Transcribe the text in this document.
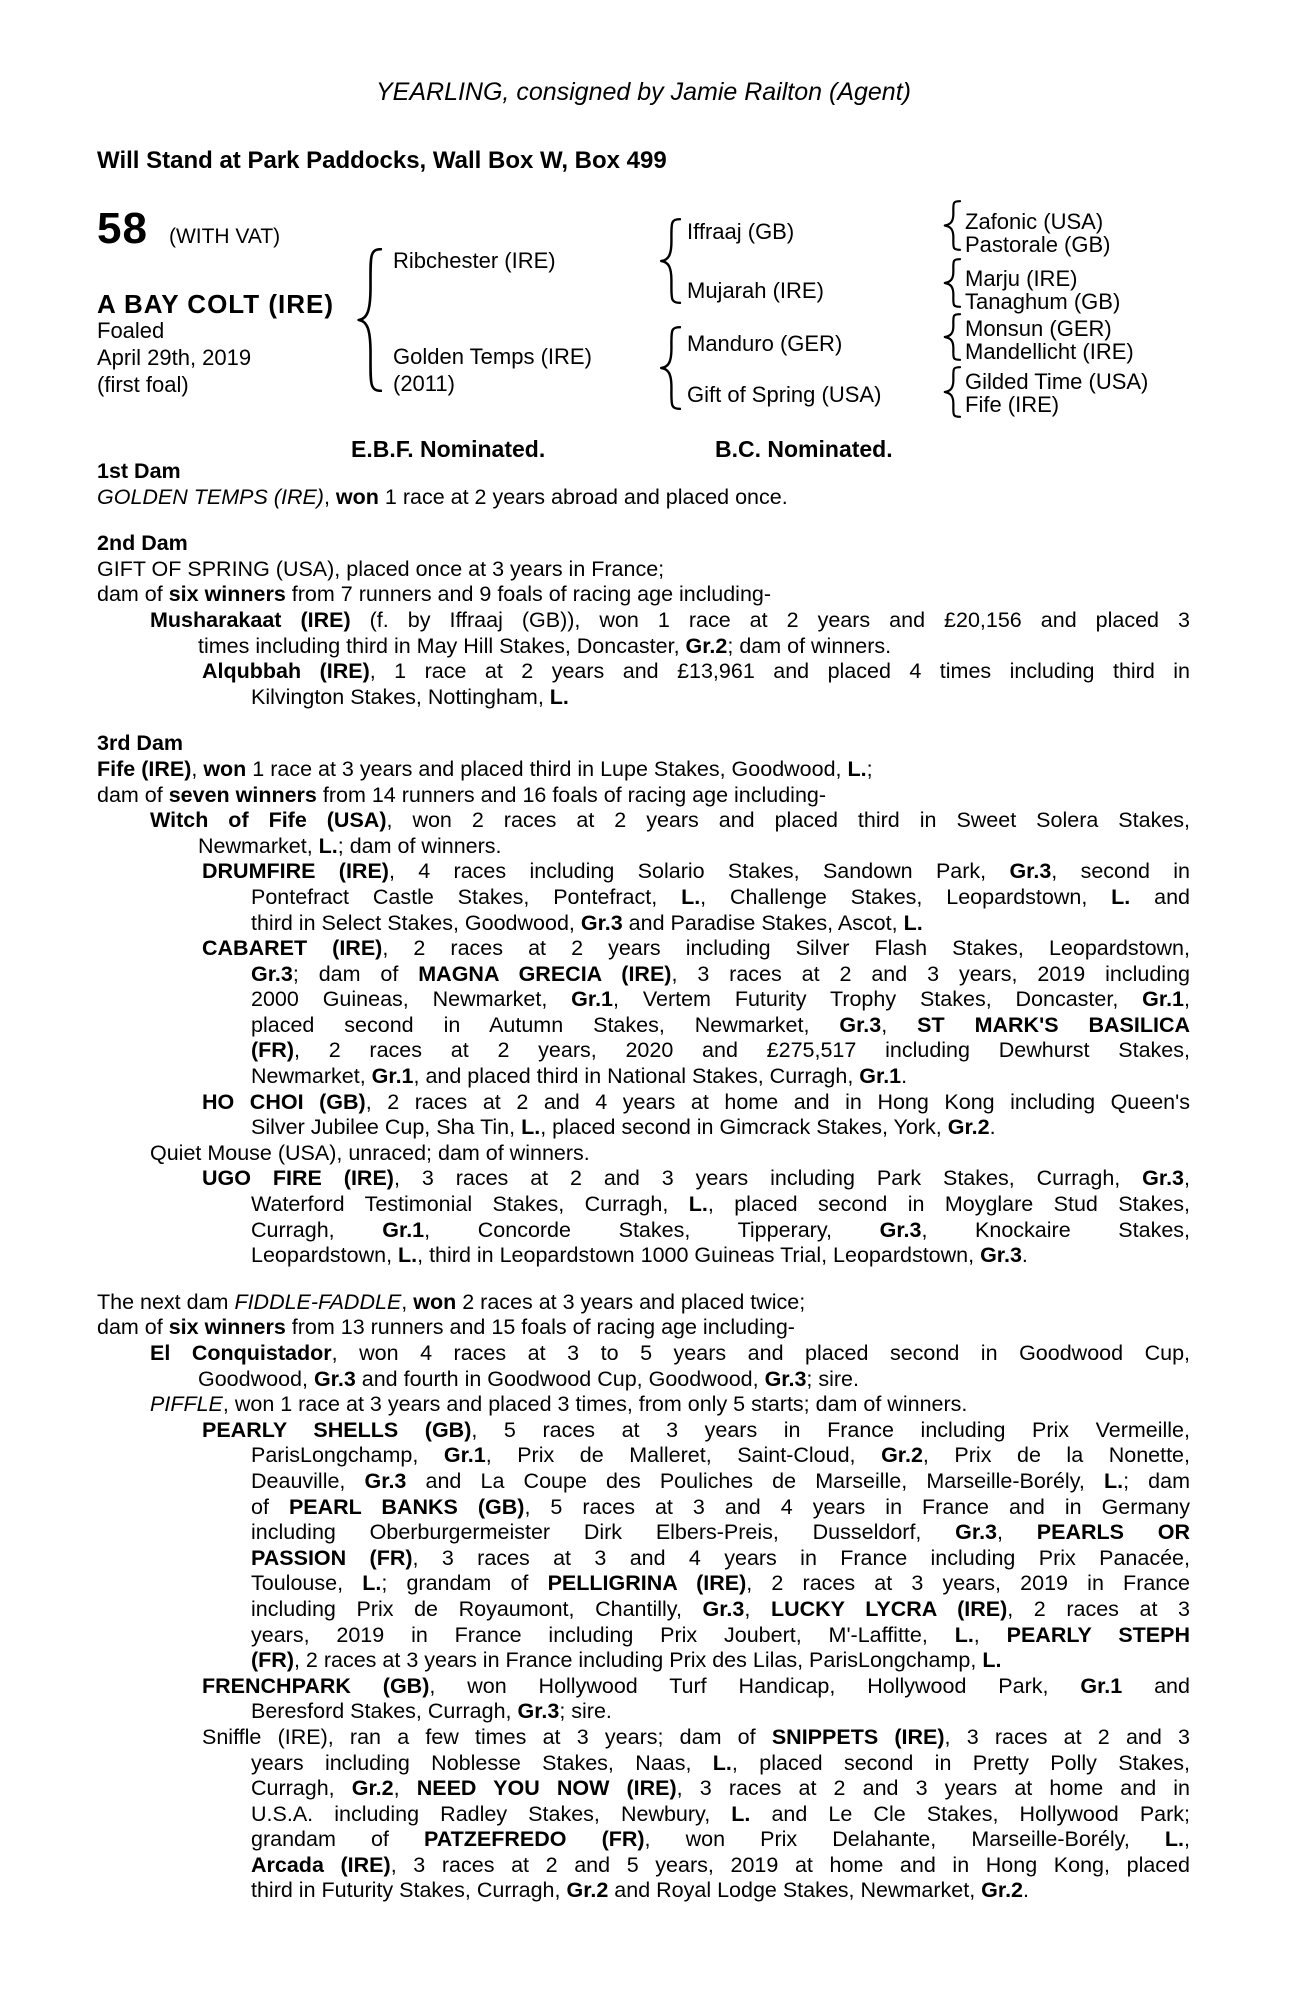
YEARLING, consigned by Jamie Railton (Agent)
Will Stand at Park Paddocks, Wall Box W, Box 499
58 (WITH VAT)
A BAY COLT (IRE)
Foaled
April 29th, 2019
(first foal)
Ribchester (IRE)
Golden Temps (IRE)
(2011)
Iffraaj (GB)
Mujarah (IRE)
Manduro (GER)
Gift of Spring (USA)
Zafonic (USA)
Pastorale (GB)
Marju (IRE)
Tanaghum (GB)
Monsun (GER)
Mandellicht (IRE)
Gilded Time (USA)
Fife (IRE)
E.B.F. Nominated.	B.C. Nominated.
1st Dam
GOLDEN TEMPS (IRE), won 1 race at 2 years abroad and placed once.
2nd Dam
GIFT OF SPRING (USA), placed once at 3 years in France;
dam of six winners from 7 runners and 9 foals of racing age including-
Musharakaat (IRE) (f. by Iffraaj (GB)), won 1 race at 2 years and £20,156 and placed 3
times including third in May Hill Stakes, Doncaster, Gr.2; dam of winners.
Alqubbah (IRE), 1 race at 2 years and £13,961 and placed 4 times including third in
Kilvington Stakes, Nottingham, L.
3rd Dam
Fife (IRE), won 1 race at 3 years and placed third in Lupe Stakes, Goodwood, L.;
dam of seven winners from 14 runners and 16 foals of racing age including-
Witch of Fife (USA), won 2 races at 2 years and placed third in Sweet Solera Stakes,
Newmarket, L.; dam of winners.
DRUMFIRE (IRE), 4 races including Solario Stakes, Sandown Park, Gr.3, second in
Pontefract Castle Stakes, Pontefract, L., Challenge Stakes, Leopardstown, L. and
third in Select Stakes, Goodwood, Gr.3 and Paradise Stakes, Ascot, L.
CABARET (IRE), 2 races at 2 years including Silver Flash Stakes, Leopardstown,
Gr.3; dam of MAGNA GRECIA (IRE), 3 races at 2 and 3 years, 2019 including
2000 Guineas, Newmarket, Gr.1, Vertem Futurity Trophy Stakes, Doncaster, Gr.1,
placed second in Autumn Stakes, Newmarket, Gr.3, ST MARK'S BASILICA
(FR), 2 races at 2 years, 2020 and £275,517 including Dewhurst Stakes,
Newmarket, Gr.1, and placed third in National Stakes, Curragh, Gr.1.
HO CHOI (GB), 2 races at 2 and 4 years at home and in Hong Kong including Queen's
Silver Jubilee Cup, Sha Tin, L., placed second in Gimcrack Stakes, York, Gr.2.
Quiet Mouse (USA), unraced; dam of winners.
UGO FIRE (IRE), 3 races at 2 and 3 years including Park Stakes, Curragh, Gr.3,
Waterford Testimonial Stakes, Curragh, L., placed second in Moyglare Stud Stakes,
Curragh, Gr.1, Concorde Stakes, Tipperary, Gr.3, Knockaire Stakes,
Leopardstown, L., third in Leopardstown 1000 Guineas Trial, Leopardstown, Gr.3.
The next dam FIDDLE-FADDLE, won 2 races at 3 years and placed twice;
dam of six winners from 13 runners and 15 foals of racing age including-
El Conquistador, won 4 races at 3 to 5 years and placed second in Goodwood Cup,
Goodwood, Gr.3 and fourth in Goodwood Cup, Goodwood, Gr.3; sire.
PIFFLE, won 1 race at 3 years and placed 3 times, from only 5 starts; dam of winners.
PEARLY SHELLS (GB), 5 races at 3 years in France including Prix Vermeille,
ParisLongchamp, Gr.1, Prix de Malleret, Saint-Cloud, Gr.2, Prix de la Nonette,
Deauville, Gr.3 and La Coupe des Pouliches de Marseille, Marseille-Borély, L.; dam
of PEARL BANKS (GB), 5 races at 3 and 4 years in France and in Germany
including Oberburgermeister Dirk Elbers-Preis, Dusseldorf, Gr.3, PEARLS OR
PASSION (FR), 3 races at 3 and 4 years in France including Prix Panacée,
Toulouse, L.; grandam of PELLIGRINA (IRE), 2 races at 3 years, 2019 in France
including Prix de Royaumont, Chantilly, Gr.3, LUCKY LYCRA (IRE), 2 races at 3
years, 2019 in France including Prix Joubert, M'-Laffitte, L., PEARLY STEPH
(FR), 2 races at 3 years in France including Prix des Lilas, ParisLongchamp, L.
FRENCHPARK (GB), won Hollywood Turf Handicap, Hollywood Park, Gr.1 and
Beresford Stakes, Curragh, Gr.3; sire.
Sniffle (IRE), ran a few times at 3 years; dam of SNIPPETS (IRE), 3 races at 2 and 3
years including Noblesse Stakes, Naas, L., placed second in Pretty Polly Stakes,
Curragh, Gr.2, NEED YOU NOW (IRE), 3 races at 2 and 3 years at home and in
U.S.A. including Radley Stakes, Newbury, L. and Le Cle Stakes, Hollywood Park;
grandam of PATZEFREDO (FR), won Prix Delahante, Marseille-Borély, L.,
Arcada (IRE), 3 races at 2 and 5 years, 2019 at home and in Hong Kong, placed
third in Futurity Stakes, Curragh, Gr.2 and Royal Lodge Stakes, Newmarket, Gr.2.
